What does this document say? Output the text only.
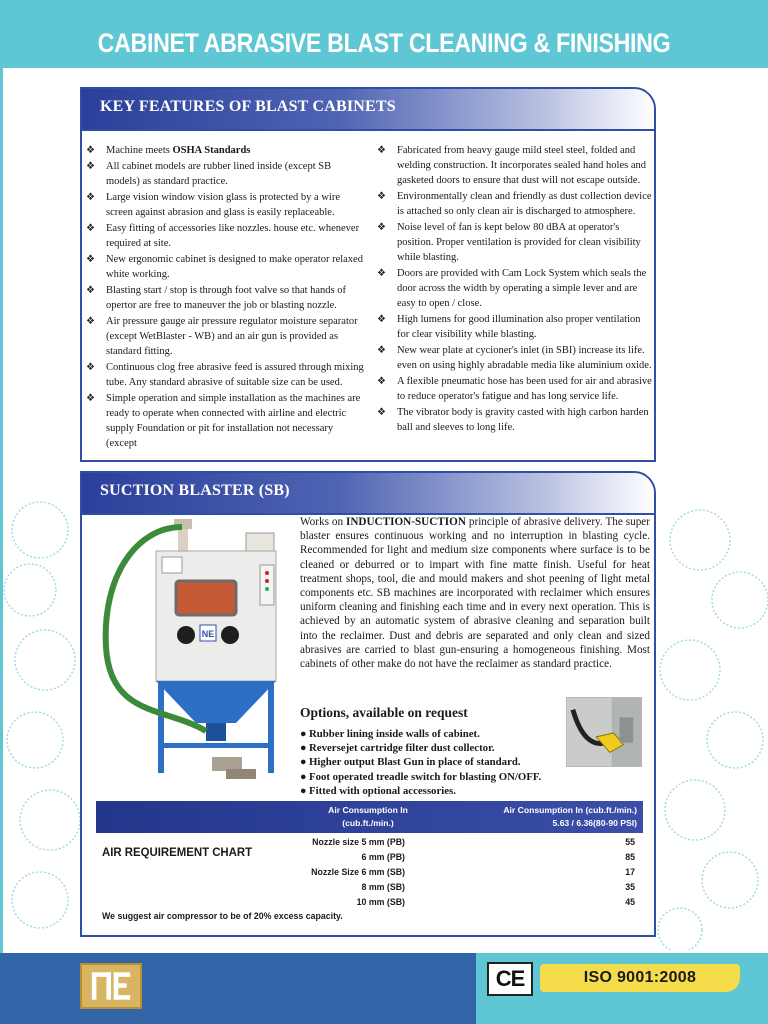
CABINET ABRASIVE BLAST CLEANING & FINISHING
KEY FEATURES OF BLAST CABINETS
❖ Machine meets OSHA Standards
❖ All cabinet models are rubber lined inside (except SB models) as standard practice.
❖ Large vision window vision glass is protected by a wire screen against abrasion and glass is easily replaceable.
❖ Easy fitting of accessories like nozzles. house etc. whenever required at site.
❖ New ergonomic cabinet is designed to make operator relaxed white working.
❖ Blasting start / stop is through foot valve so that hands of opertor are free to maneuver the job or blasting nozzle.
❖ Air pressure gauge air pressure regulator moisture separator (except WetBlaster - WB) and an air gun is provided as standard fitting.
❖ Continuous clog free abrasive feed is assured through mixing tube. Any standard abrasive of suitable size can be used.
❖ Simple operation and simple installation as the machines are ready to operate when connected with airline and electric supply Foundation or pit for installation not necessary (except
❖ Fabricated from heavy gauge mild steel steel, folded and welding construction. It incorporates sealed hand holes and gasketed doors to ensure that dust will not escape outside.
❖ Environmentally clean and friendly as dust collection device is attached so only clean air is discharged to atmosphere.
❖ Noise level of fan is kept below 80 dBA at operator's position. Proper ventilation is provided for clean visibility while blasting.
❖ Doors are provided with Cam Lock System which seals the door across the width by operating a simple lever and are easy to open / close.
❖ High lumens for good illumination also proper ventilation for clear visibility while blasting.
❖ New wear plate at cycioner's inlet (in SBI) increase its life. even on using highly abradable media like aluminium oxide.
❖ A flexible pneumatic hose has been used for air and abrasive to reduce operator's fatigue and has long service life.
❖ The vibrator body is gravity casted with high carbon harden ball and sleeves to long life.
SUCTION BLASTER (SB)
NE
Works on INDUCTION-SUCTION principle of abrasive delivery. The super blaster ensures continuous working and no interruption in blasting cycle. Recommended for light and medium size components where surface is to be cleaned or deburred or to impart with fine matte finish. Useful for heat treatment shops, tool, die and mould makers and shot peening of light metal components etc. SB machines are incorporated with reclaimer which ensures uniform cleaning and finishing each time and in every next operation. This is achieved by an automatic system of abrasive cleaning and separation built into the reclaimer. Dust and debris are separated and only clean and sized abrasives are carried to blast gun-ensuring a homogeneous finishing. Most cabinets of other make do not have the reclaimer as standard practice.
Options, available on request
● Rubber lining inside walls of cabinet.
● Reversejet cartridge filter dust collector.
● Higher output Blast Gun in place of standard.
● Foot operated treadle switch for blasting ON/OFF.
● Fitted with optional accessories.
Air Consumption In
(cub.ft./min.)
Air Consumption In (cub.ft./min.)
5.63 / 6.36(80-90 PSI)
AIR REQUIREMENT CHART
Nozzle size 5 mm (PB)	55
6 mm (PB)	85
Nozzle Size 6 mm (SB)	17
8 mm (SB)	35
10 mm (SB)	45
We suggest air compressor to be of 20% excess capacity.
CE	ISO 9001:2008
